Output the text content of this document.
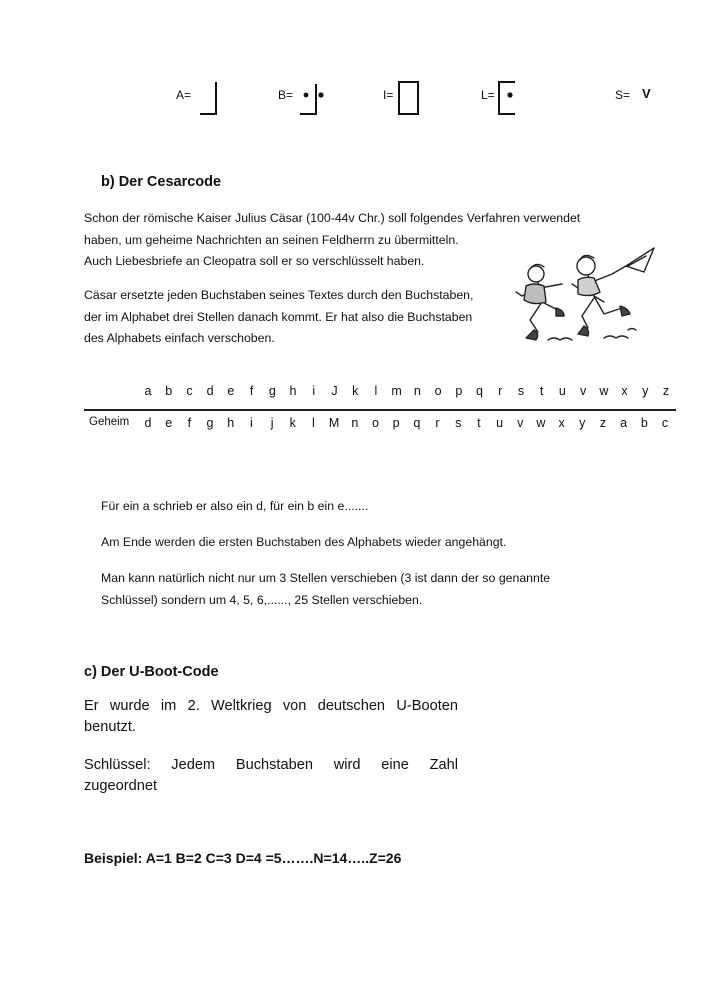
A=	B=	I=	L=	S= V
b) Der Cesarcode
Schon der römische Kaiser Julius Cäsar (100-44v Chr.) soll folgendes Verfahren verwendet
haben, um geheime Nachrichten an seinen Feldherrn zu übermitteln.
Auch Liebesbriefe an Cleopatra soll er so verschlüsselt haben.
Cäsar ersetzte jeden Buchstaben seines Textes durch den Buchstaben,
der im Alphabet drei Stellen danach kommt. Er hat also die Buchstaben
des Alphabets einfach verschoben.
a	b	c	d	e	f	g	h	i	J	k	l	m n	o	p	q	r	s	t	u	v	w	x	y	z
Geheim	d	e	f	g	h	i	j	k	l	M n	o	p	q	r	s	t	u	v	w	x	y	z	a	b	c
Für ein a schrieb er also ein d, für ein b ein e.......
Am Ende werden die ersten Buchstaben des Alphabets wieder angehängt.
Man kann natürlich nicht nur um 3 Stellen verschieben (3 ist dann der so genannte
Schlüssel) sondern um 4, 5, 6,......, 25 Stellen verschieben.
c) Der U-Boot-Code
Er wurde im 2. Weltkrieg von deutschen U-Booten benutzt.
Schlüssel: Jedem Buchstaben wird eine Zahl
zugeordnet
Beispiel: A=1 B=2 C=3 D=4 =5…….N=14…..Z=26
